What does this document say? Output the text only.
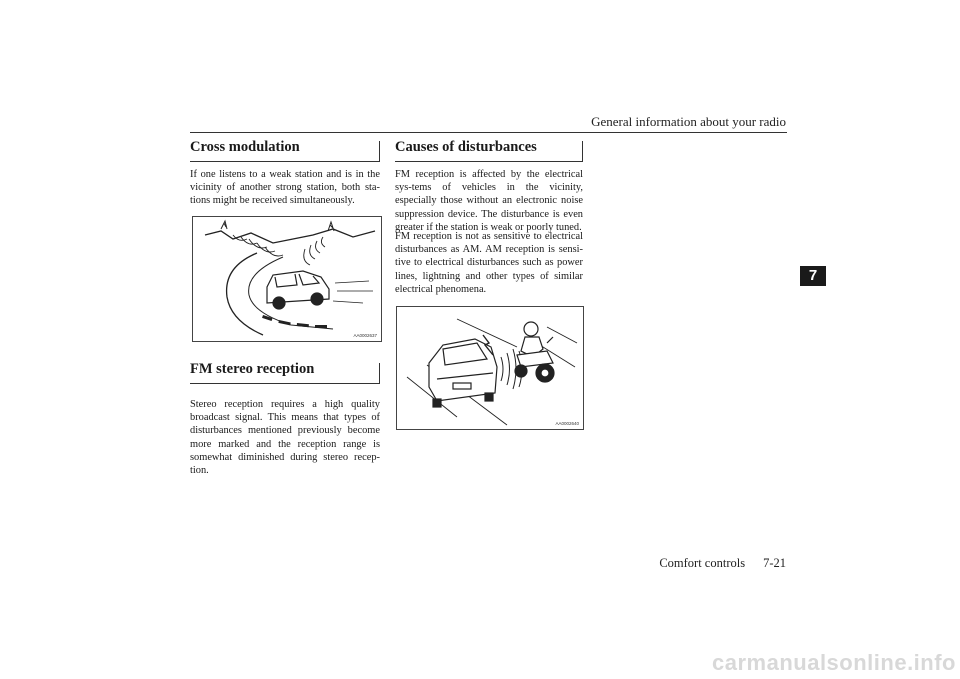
General information about your radio
7
Cross modulation
If one listens to a weak station and is in the vicinity of another strong station, both sta-tions might be received simultaneously.
AA0002637
FM stereo reception
Stereo reception requires a high quality broadcast signal. This means that types of disturbances mentioned previously become more marked and the reception range is somewhat diminished during stereo recep-tion.
Causes of disturbances
FM reception is affected by the electrical sys-tems of vehicles in the vicinity, especially those without an electronic noise suppression device. The disturbance is even greater if the station is weak or poorly tuned.
FM reception is not as sensitive to electrical disturbances as AM. AM reception is sensi-tive to electrical disturbances such as power lines, lightning and other types of similar electrical phenomena.
AA0002640
Comfort controls 7-21
carmanualsonline.info
